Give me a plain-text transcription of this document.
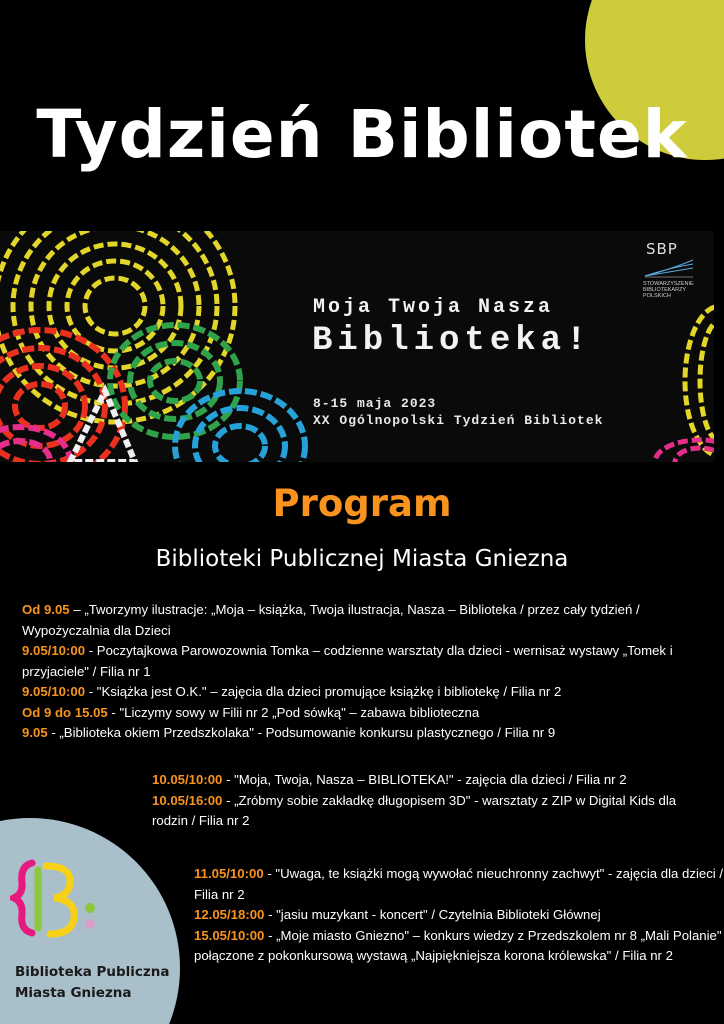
Tydzień Bibliotek
Moja Twoja Nasza
Biblioteka!
8-15 maja 2023
XX Ogólnopolski Tydzień Bibliotek
SBP
STOWARZYSZENIE BIBLIOTEKARZY POLSKICH
Program
Biblioteki Publicznej Miasta Gniezna

Od 9.05 – „Tworzymy ilustracje: „Moja – książka, Twoja ilustracja, Nasza – Biblioteka / przez cały tydzień / Wypożyczalnia dla Dzieci

9.05/10:00 - Poczytajkowa Parowozownia Tomka – codzienne warsztaty dla dzieci - wernisaż wystawy „Tomek i przyjaciele" / Filia nr 1

9.05/10:00 - "Książka jest O.K." – zajęcia dla dzieci promujące książkę i bibliotekę / Filia nr 2

Od 9 do 15.05 - "Liczymy sowy w Filii nr 2 „Pod sówką" – zabawa biblioteczna

9.05 - „Biblioteka okiem Przedszkolaka" - Podsumowanie konkursu plastycznego / Filia nr 9

10.05/10:00 - "Moja, Twoja, Nasza – BIBLIOTEKA!" - zajęcia dla dzieci / Filia nr 2

10.05/16:00 - „Zróbmy sobie zakładkę długopisem 3D" - warsztaty z ZIP w Digital Kids dla rodzin / Filia nr 2

Biblioteka Publiczna
Miasta Gniezna

11.05/10:00 - "Uwaga, te książki mogą wywołać nieuchronny zachwyt" - zajęcia dla dzieci / Filia nr 2

12.05/18:00 - "jasiu muzykant - koncert" / Czytelnia Biblioteki Głównej

15.05/10:00 - „Moje miasto Gniezno" – konkurs wiedzy z Przedszkolem nr 8 „Mali Polanie" połączone z pokonkursową wystawą „Najpiękniejsza korona królewska" / Filia nr 2
